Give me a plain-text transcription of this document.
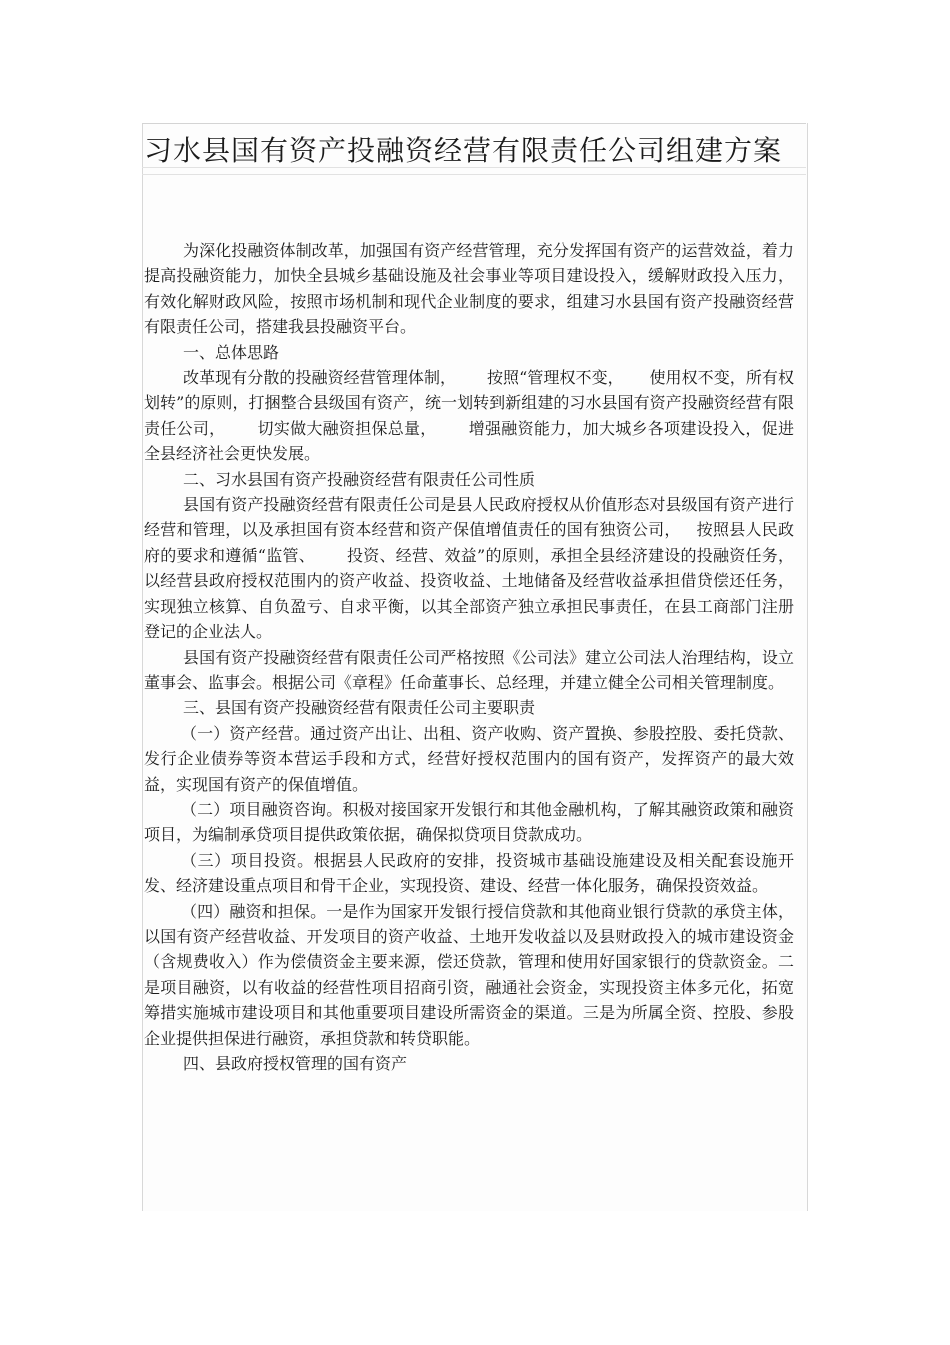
习水县国有资产投融资经营有限责任公司组建方案

为深化投融资体制改革，加强国有资产经营管理，充分发挥国有资产的运营效益，着力提高投融资能力，加快全县城乡基础设施及社会事业等项目建设投入，缓解财政投入压力，有效化解财政风险，按照市场机制和现代企业制度的要求，组建习水县国有资产投融资经营有限责任公司，搭建我县投融资平台。

一、总体思路

改革现有分散的投融资经营管理体制，      按照“管理权不变，     使用权不变，所有权划转”的原则，打捆整合县级国有资产，统一划转到新组建的习水县国有资产投融资经营有限责任公司，      切实做大融资担保总量，      增强融资能力，加大城乡各项建设投入，促进全县经济社会更快发展。

二、习水县国有资产投融资经营有限责任公司性质

县国有资产投融资经营有限责任公司是县人民政府授权从价值形态对县级国有资产进行经营和管理，以及承担国有资本经营和资产保值增值责任的国有独资公司，   按照县人民政府的要求和遵循“监管、      投资、经营、效益”的原则，承担全县经济建设的投融资任务，以经营县政府授权范围内的资产收益、投资收益、土地储备及经营收益承担借贷偿还任务，实现独立核算、自负盈亏、自求平衡，以其全部资产独立承担民事责任，在县工商部门注册登记的企业法人。

县国有资产投融资经营有限责任公司严格按照《公司法》建立公司法人治理结构，设立董事会、监事会。根据公司《章程》任命董事长、总经理，并建立健全公司相关管理制度。

三、县国有资产投融资经营有限责任公司主要职责

（一）资产经营。通过资产出让、出租、资产收购、资产置换、参股控股、委托贷款、发行企业债券等资本营运手段和方式，经营好授权范围内的国有资产，发挥资产的最大效益，实现国有资产的保值增值。

（二）项目融资咨询。积极对接国家开发银行和其他金融机构，了解其融资政策和融资项目，为编制承贷项目提供政策依据，确保拟贷项目贷款成功。

（三）项目投资。根据县人民政府的安排，投资城市基础设施建设及相关配套设施开发、经济建设重点项目和骨干企业，实现投资、建设、经营一体化服务，确保投资效益。

（四）融资和担保。一是作为国家开发银行授信贷款和其他商业银行贷款的承贷主体，以国有资产经营收益、开发项目的资产收益、土地开发收益以及县财政投入的城市建设资金（含规费收入）作为偿债资金主要来源，偿还贷款，管理和使用好国家银行的贷款资金。二是项目融资，以有收益的经营性项目招商引资，融通社会资金，实现投资主体多元化，拓宽筹措实施城市建设项目和其他重要项目建设所需资金的渠道。三是为所属全资、控股、参股企业提供担保进行融资，承担贷款和转贷职能。

四、县政府授权管理的国有资产
